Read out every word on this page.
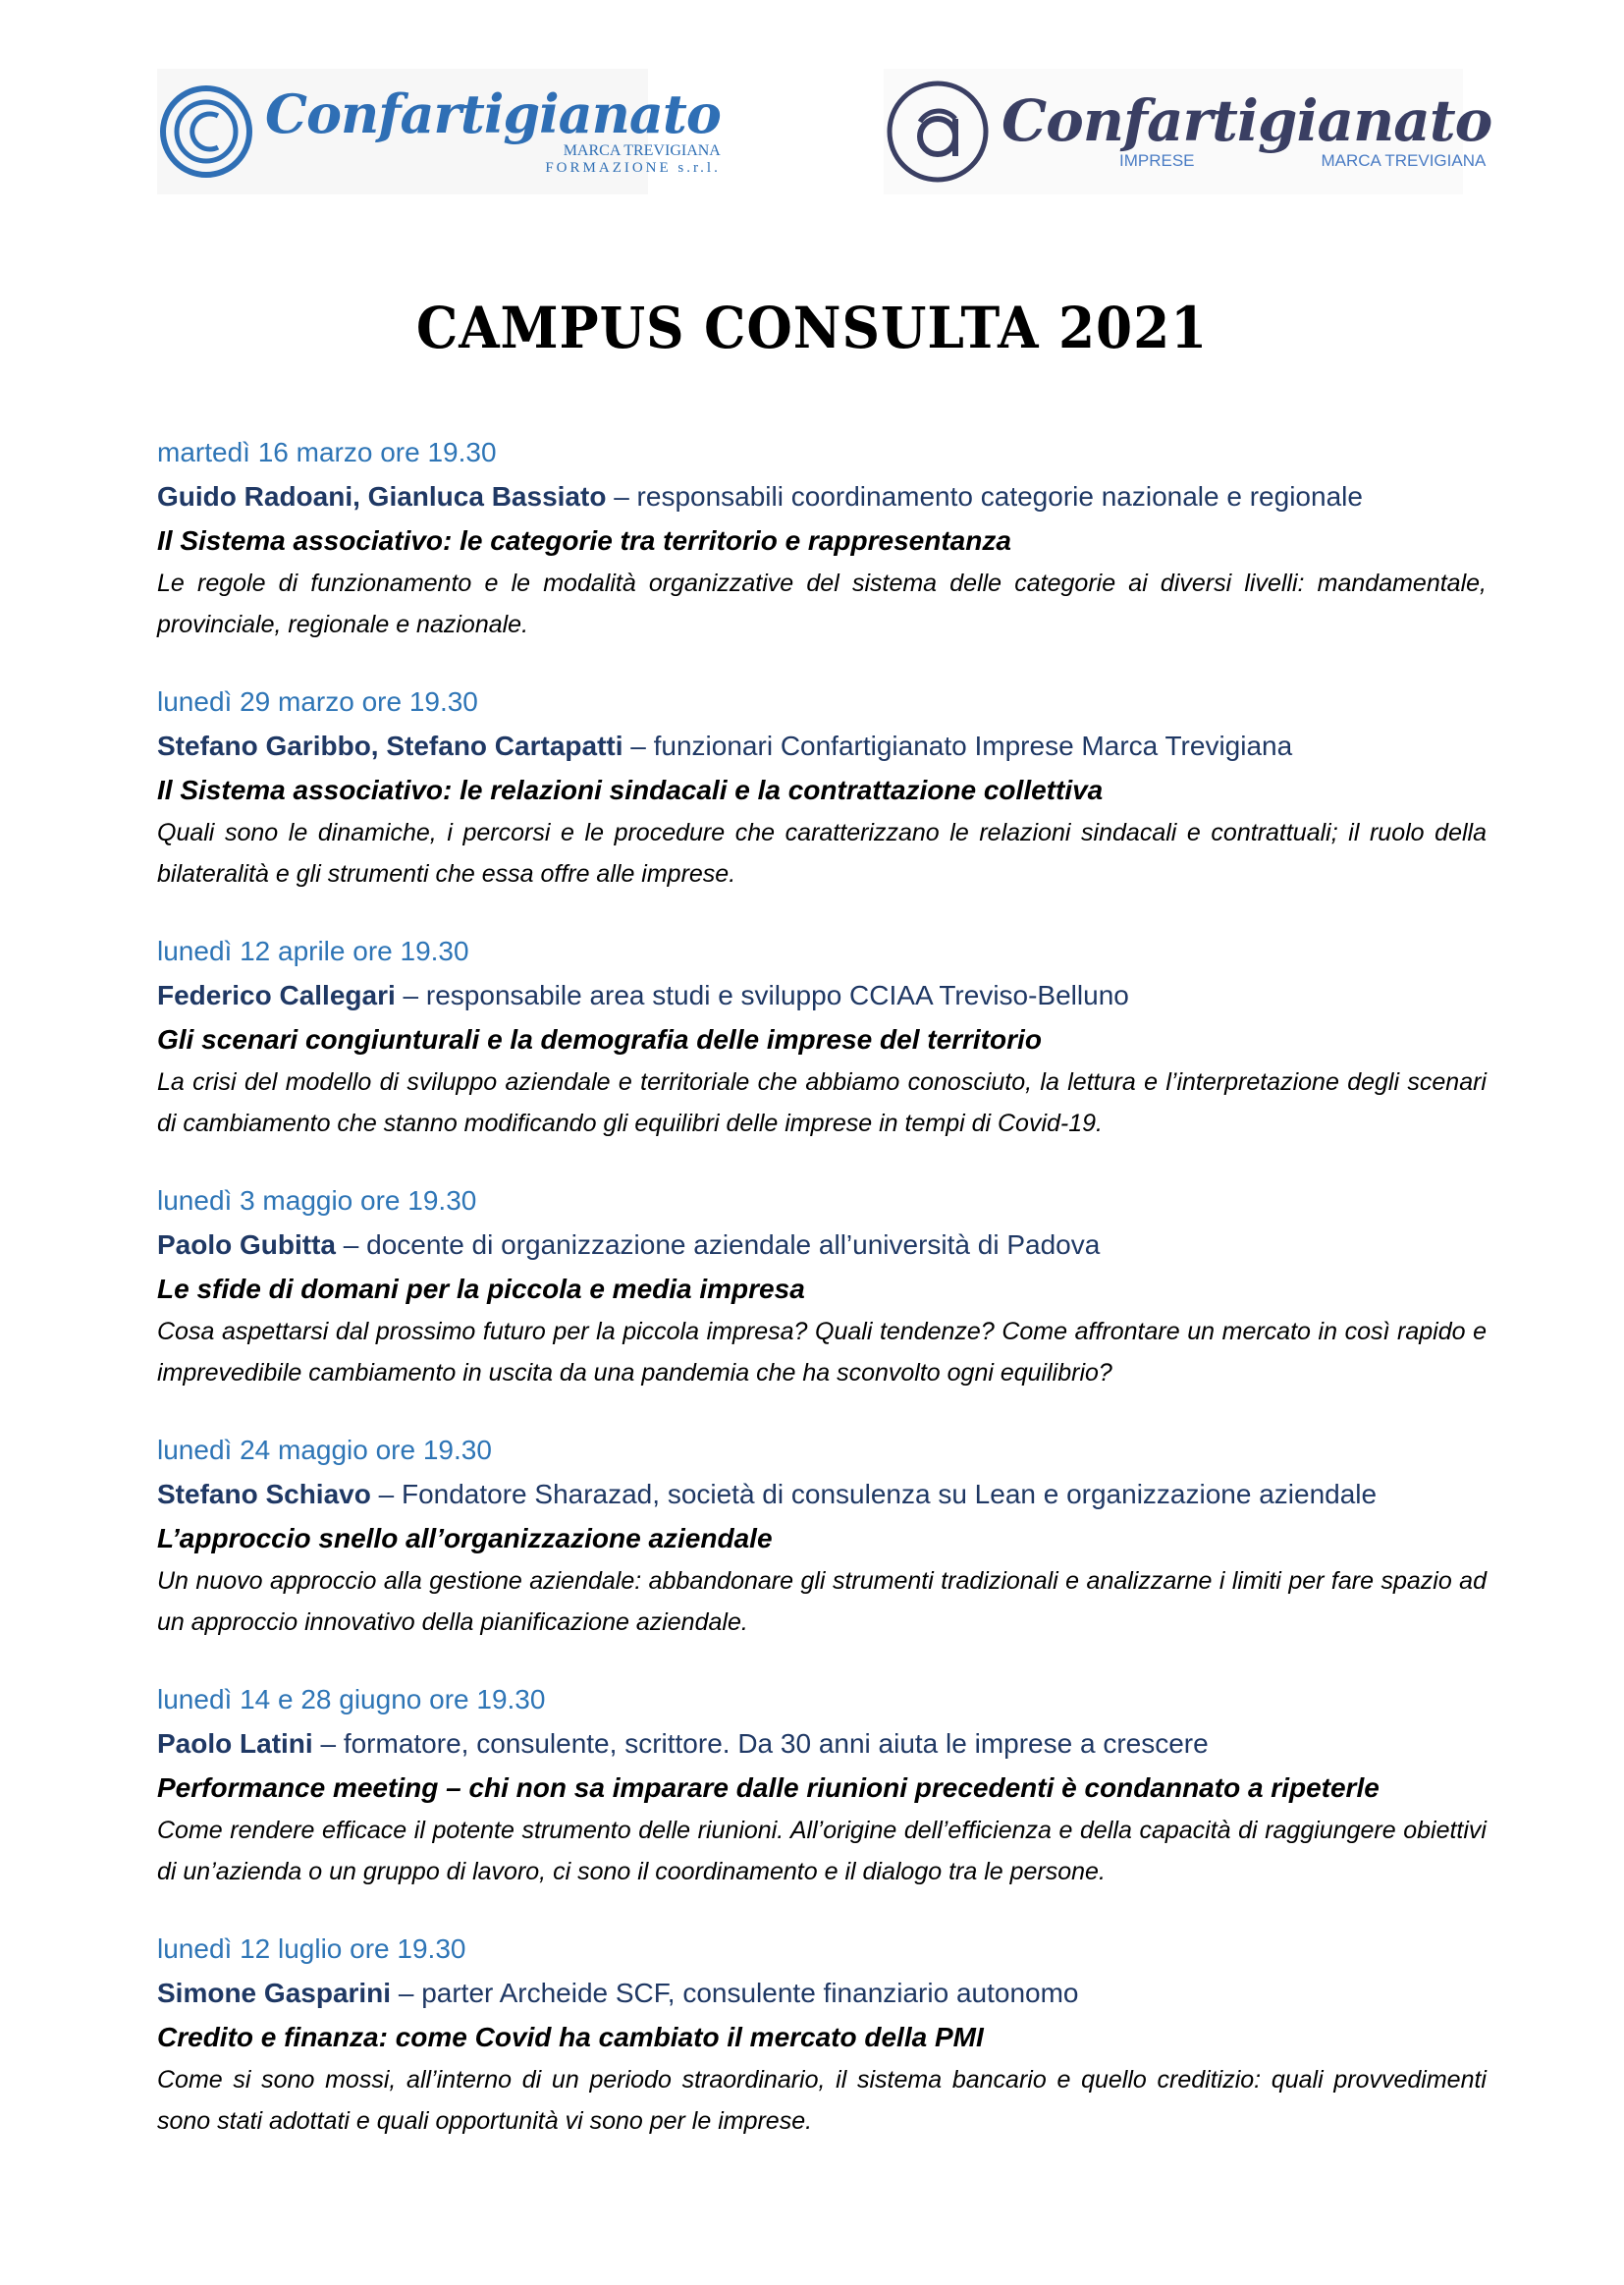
Confartigianato
MARCA TREVIGIANA
FORMAZIONE s.r.l.
Confartigianato
IMPRESE	MARCA TREVIGIANA
CAMPUS CONSULTA 2021
martedì 16 marzo ore 19.30
Guido Radoani, Gianluca Bassiato – responsabili coordinamento categorie nazionale e regionale
Il Sistema associativo: le categorie tra territorio e rappresentanza
Le regole di funzionamento e le modalità organizzative del sistema delle categorie ai diversi livelli: mandamentale, provinciale, regionale e nazionale.
lunedì 29 marzo ore 19.30
Stefano Garibbo, Stefano Cartapatti – funzionari Confartigianato Imprese Marca Trevigiana
Il Sistema associativo: le relazioni sindacali e la contrattazione collettiva
Quali sono le dinamiche, i percorsi e le procedure che caratterizzano le relazioni sindacali e contrattuali; il ruolo della bilateralità e gli strumenti che essa offre alle imprese.
lunedì 12 aprile ore 19.30
Federico Callegari – responsabile area studi e sviluppo CCIAA Treviso-Belluno
Gli scenari congiunturali e la demografia delle imprese del territorio
La crisi del modello di sviluppo aziendale e territoriale che abbiamo conosciuto, la lettura e l’interpretazione degli scenari di cambiamento che stanno modificando gli equilibri delle imprese in tempi di Covid-19.
lunedì 3 maggio ore 19.30
Paolo Gubitta – docente di organizzazione aziendale all’università di Padova
Le sfide di domani per la piccola e media impresa
Cosa aspettarsi dal prossimo futuro per la piccola impresa? Quali tendenze? Come affrontare un mercato in così rapido e imprevedibile cambiamento in uscita da una pandemia che ha sconvolto ogni equilibrio?
lunedì 24 maggio ore 19.30
Stefano Schiavo – Fondatore Sharazad, società di consulenza su Lean e organizzazione aziendale
L’approccio snello all’organizzazione aziendale
Un nuovo approccio alla gestione aziendale: abbandonare gli strumenti tradizionali e analizzarne i limiti per fare spazio ad un approccio innovativo della pianificazione aziendale.
lunedì 14 e 28 giugno ore 19.30
Paolo Latini – formatore, consulente, scrittore. Da 30 anni aiuta le imprese a crescere
Performance meeting – chi non sa imparare dalle riunioni precedenti è condannato a ripeterle
Come rendere efficace il potente strumento delle riunioni. All’origine dell’efficienza e della capacità di raggiungere obiettivi di un’azienda o un gruppo di lavoro, ci sono il coordinamento e il dialogo tra le persone.
lunedì 12 luglio ore 19.30
Simone Gasparini – parter Archeide SCF, consulente finanziario autonomo
Credito e finanza: come Covid ha cambiato il mercato della PMI
Come si sono mossi, all’interno di un periodo straordinario, il sistema bancario e quello creditizio: quali provvedimenti sono stati adottati e quali opportunità vi sono per le imprese.
